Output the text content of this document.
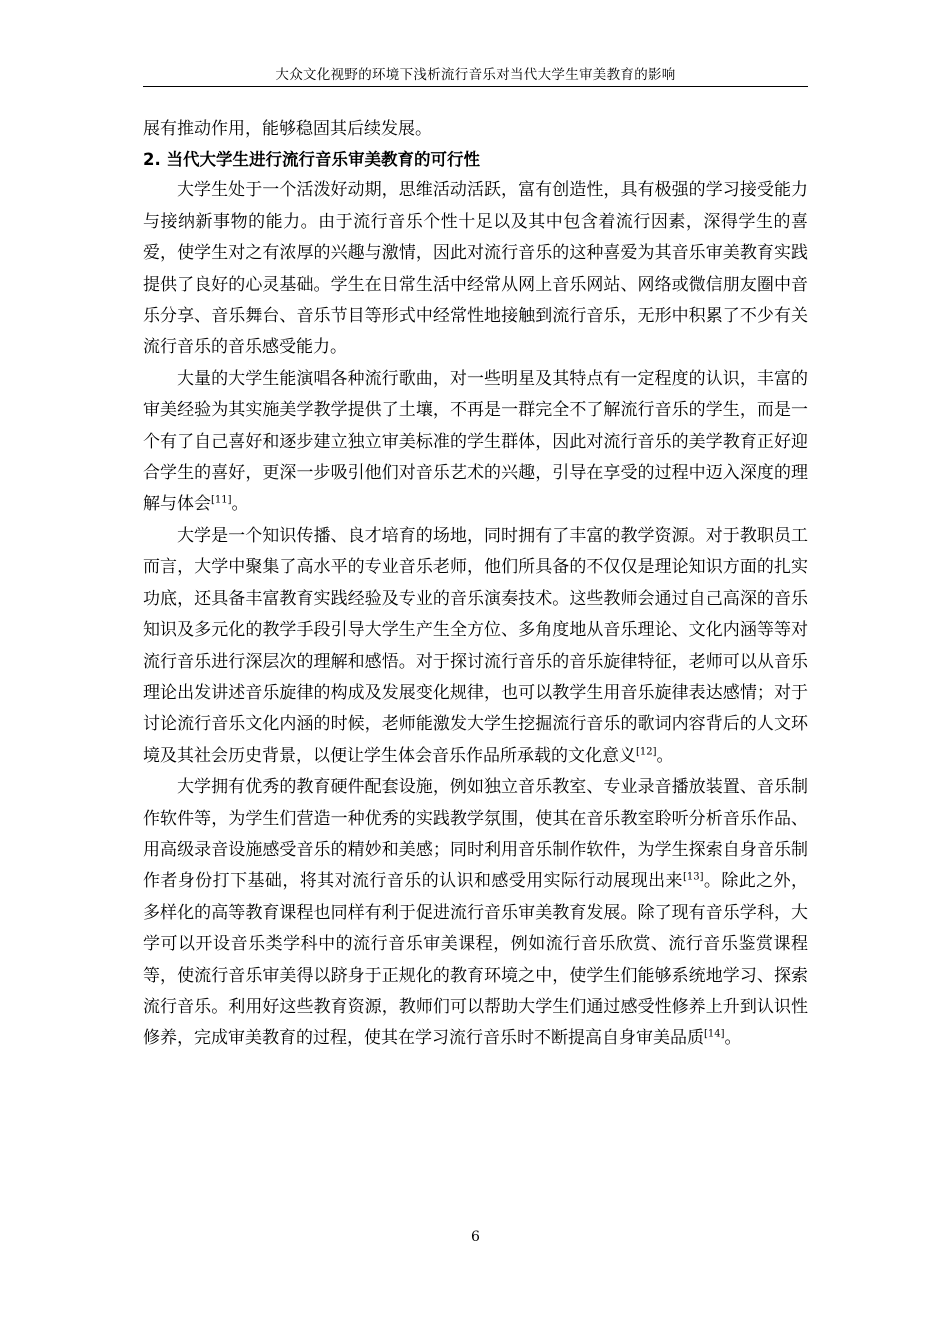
大众文化视野的环境下浅析流行音乐对当代大学生审美教育的影响

展有推动作用，能够稳固其后续发展。

2. 当代大学生进行流行音乐审美教育的可行性

大学生处于一个活泼好动期，思维活动活跃，富有创造性，具有极强的学习接受能力与接纳新事物的能力。由于流行音乐个性十足以及其中包含着流行因素，深得学生的喜爱，使学生对之有浓厚的兴趣与激情，因此对流行音乐的这种喜爱为其音乐审美教育实践提供了良好的心灵基础。学生在日常生活中经常从网上音乐网站、网络或微信朋友圈中音乐分享、音乐舞台、音乐节目等形式中经常性地接触到流行音乐，无形中积累了不少有关流行音乐的音乐感受能力。

大量的大学生能演唱各种流行歌曲，对一些明星及其特点有一定程度的认识，丰富的审美经验为其实施美学教学提供了土壤，不再是一群完全不了解流行音乐的学生，而是一个有了自己喜好和逐步建立独立审美标准的学生群体，因此对流行音乐的美学教育正好迎合学生的喜好，更深一步吸引他们对音乐艺术的兴趣，引导在享受的过程中迈入深度的理解与体会[11]。

大学是一个知识传播、良才培育的场地，同时拥有了丰富的教学资源。对于教职员工而言，大学中聚集了高水平的专业音乐老师，他们所具备的不仅仅是理论知识方面的扎实功底，还具备丰富教育实践经验及专业的音乐演奏技术。这些教师会通过自己高深的音乐知识及多元化的教学手段引导大学生产生全方位、多角度地从音乐理论、文化内涵等等对流行音乐进行深层次的理解和感悟。对于探讨流行音乐的音乐旋律特征，老师可以从音乐理论出发讲述音乐旋律的构成及发展变化规律，也可以教学生用音乐旋律表达感情；对于讨论流行音乐文化内涵的时候，老师能激发大学生挖掘流行音乐的歌词内容背后的人文环境及其社会历史背景，以便让学生体会音乐作品所承载的文化意义[12]。

大学拥有优秀的教育硬件配套设施，例如独立音乐教室、专业录音播放装置、音乐制作软件等，为学生们营造一种优秀的实践教学氛围，使其在音乐教室聆听分析音乐作品、用高级录音设施感受音乐的精妙和美感；同时利用音乐制作软件，为学生探索自身音乐制作者身份打下基础，将其对流行音乐的认识和感受用实际行动展现出来[13]。除此之外，多样化的高等教育课程也同样有利于促进流行音乐审美教育发展。除了现有音乐学科，大学可以开设音乐类学科中的流行音乐审美课程，例如流行音乐欣赏、流行音乐鉴赏课程等，使流行音乐审美得以跻身于正规化的教育环境之中，使学生们能够系统地学习、探索流行音乐。利用好这些教育资源，教师们可以帮助大学生们通过感受性修养上升到认识性修养，完成审美教育的过程，使其在学习流行音乐时不断提高自身审美品质[14]。

6
